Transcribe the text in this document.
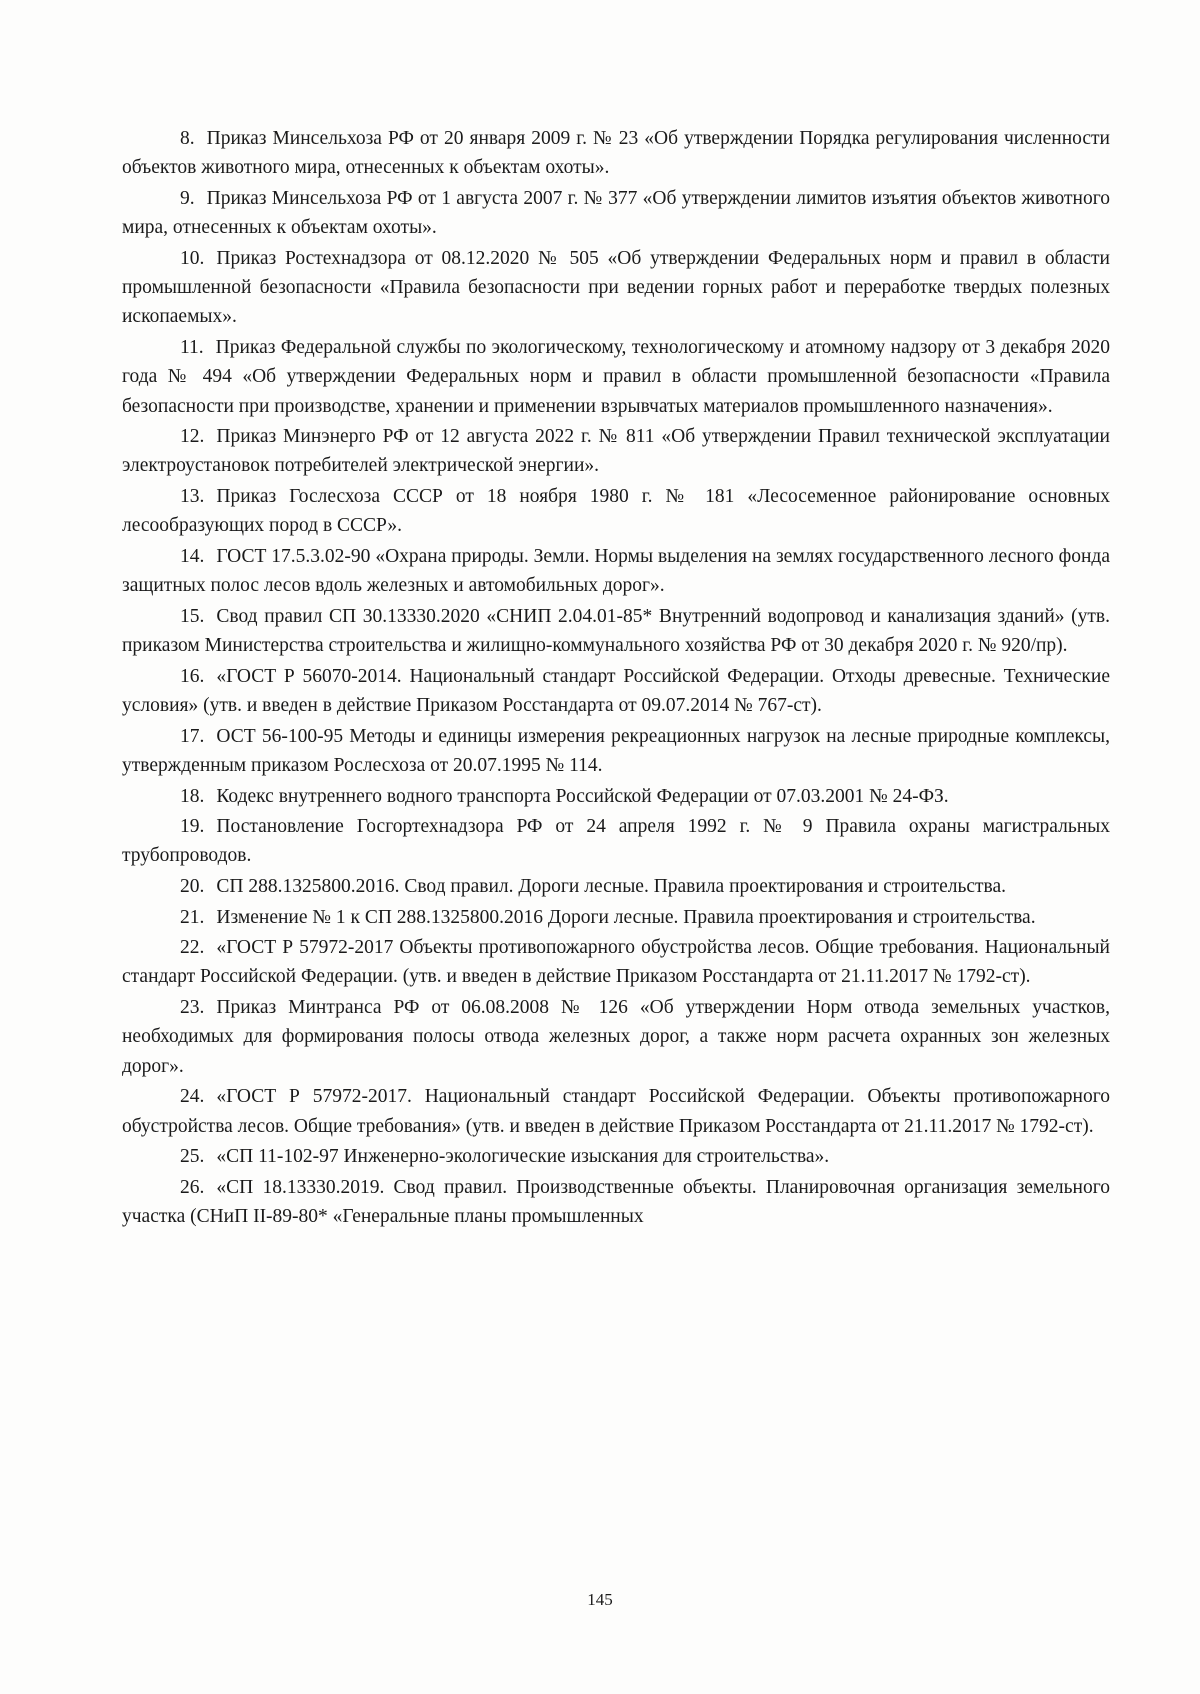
8. Приказ Минсельхоза РФ от 20 января 2009 г. № 23 «Об утверждении Порядка регулирования численности объектов животного мира, отнесенных к объектам охоты».

9. Приказ Минсельхоза РФ от 1 августа 2007 г. № 377 «Об утверждении лимитов изъятия объектов животного мира, отнесенных к объектам охоты».

10. Приказ Ростехнадзора от 08.12.2020 № 505 «Об утверждении Федеральных норм и правил в области промышленной безопасности «Правила безопасности при ведении горных работ и переработке твердых полезных ископаемых».

11. Приказ Федеральной службы по экологическому, технологическому и атомному надзору от 3 декабря 2020 года № 494 «Об утверждении Федеральных норм и правил в области промышленной безопасности «Правила безопасности при производстве, хранении и применении взрывчатых материалов промышленного назначения».

12. Приказ Минэнерго РФ от 12 августа 2022 г. № 811 «Об утверждении Правил технической эксплуатации электроустановок потребителей электрической энергии».

13. Приказ Гослесхоза СССР от 18 ноября 1980 г. № 181 «Лесосеменное районирование основных лесообразующих пород в СССР».

14. ГОСТ 17.5.3.02-90 «Охрана природы. Земли. Нормы выделения на землях государственного лесного фонда защитных полос лесов вдоль железных и автомобильных дорог».

15. Свод правил СП 30.13330.2020 «СНИП 2.04.01-85* Внутренний водопровод и канализация зданий» (утв. приказом Министерства строительства и жилищно-коммунального хозяйства РФ от 30 декабря 2020 г. № 920/пр).

16. «ГОСТ Р 56070-2014. Национальный стандарт Российской Федерации. Отходы древесные. Технические условия» (утв. и введен в действие Приказом Росстандарта от 09.07.2014 № 767-ст).

17. ОСТ 56-100-95 Методы и единицы измерения рекреационных нагрузок на лесные природные комплексы, утвержденным приказом Рослесхоза от 20.07.1995 № 114.

18. Кодекс внутреннего водного транспорта Российской Федерации от 07.03.2001 № 24-ФЗ.

19. Постановление Госгортехнадзора РФ от 24 апреля 1992 г. № 9 Правила охраны магистральных трубопроводов.

20. СП 288.1325800.2016. Свод правил. Дороги лесные. Правила проектирования и строительства.

21. Изменение № 1 к СП 288.1325800.2016 Дороги лесные. Правила проектирования и строительства.

22. «ГОСТ Р 57972-2017 Объекты противопожарного обустройства лесов. Общие требования. Национальный стандарт Российской Федерации. (утв. и введен в действие Приказом Росстандарта от 21.11.2017 № 1792-ст).

23. Приказ Минтранса РФ от 06.08.2008 № 126 «Об утверждении Норм отвода земельных участков, необходимых для формирования полосы отвода железных дорог, а также норм расчета охранных зон железных дорог».

24. «ГОСТ Р 57972-2017. Национальный стандарт Российской Федерации. Объекты противопожарного обустройства лесов. Общие требования» (утв. и введен в действие Приказом Росстандарта от 21.11.2017 № 1792-ст).

25. «СП 11-102-97 Инженерно-экологические изыскания для строительства».

26. «СП 18.13330.2019. Свод правил. Производственные объекты. Планировочная организация земельного участка (СНиП II-89-80* «Генеральные планы промышленных

145
